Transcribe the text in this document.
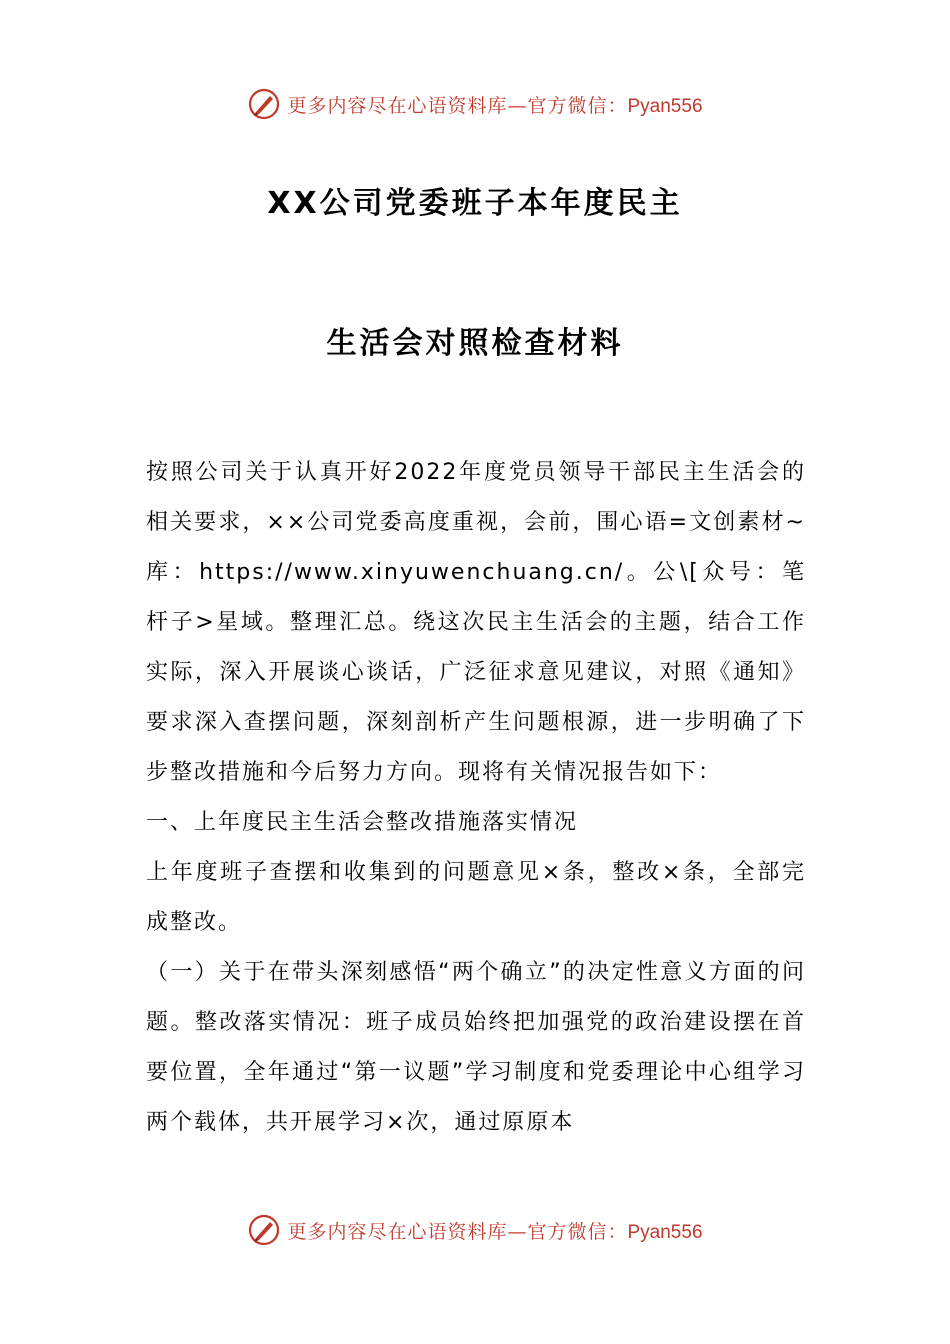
更多内容尽在心语资料库—官方微信：Pyan556
XX公司党委班子本年度民主
生活会对照检查材料

按照公司关于认真开好2022年度党员领导干部民主生活会的相关要求，××公司党委高度重视，会前，围心语=文创素材~库：https://www.xinyuwenchuang.cn/。公\[众号：笔杆子>星域。整理汇总。绕这次民主生活会的主题，结合工作实际，深入开展谈心谈话，广泛征求意见建议，对照《通知》要求深入查摆问题，深刻剖析产生问题根源，进一步明确了下步整改措施和今后努力方向。现将有关情况报告如下：

一、上年度民主生活会整改措施落实情况

上年度班子查摆和收集到的问题意见×条，整改×条，全部完成整改。

（一）关于在带头深刻感悟“两个确立”的决定性意义方面的问题。整改落实情况：班子成员始终把加强党的政治建设摆在首要位置，全年通过“第一议题”学习制度和党委理论中心组学习两个载体，共开展学习×次，通过原原本

更多内容尽在心语资料库—官方微信：Pyan556
